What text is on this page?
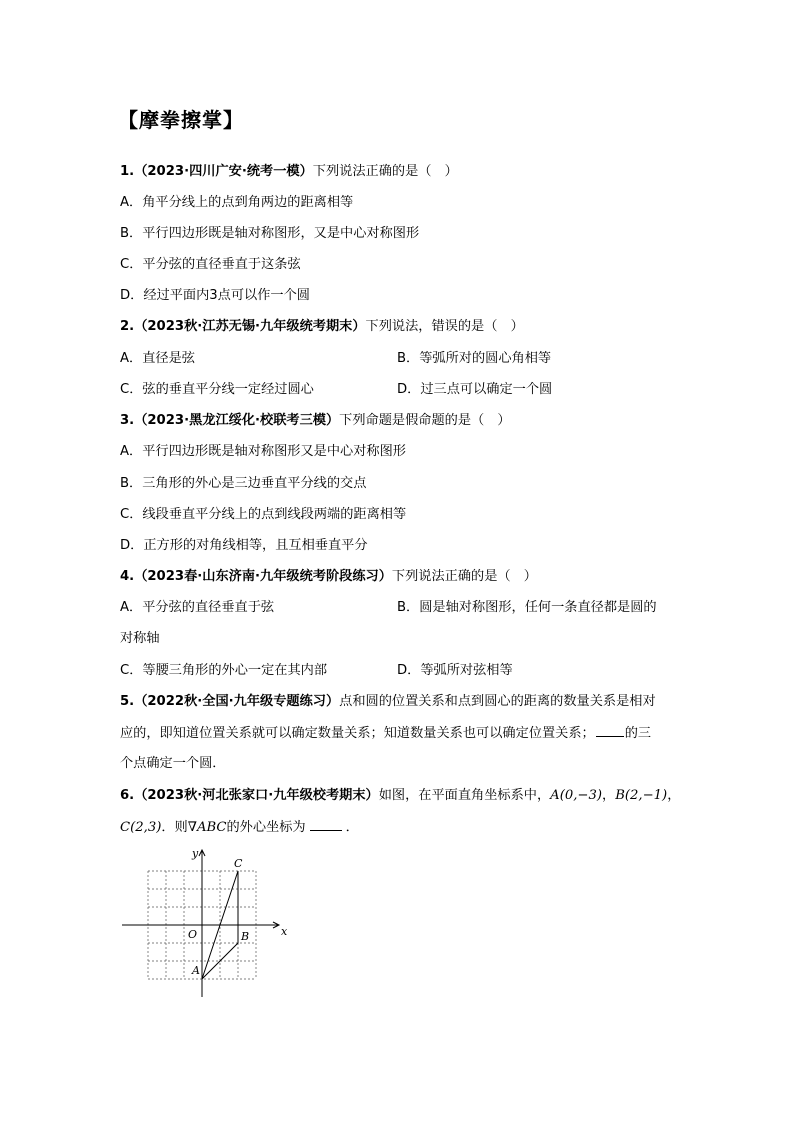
【摩拳擦掌】
1.（2023·四川广安·统考一模）下列说法正确的是（　）
A．角平分线上的点到角两边的距离相等
B．平行四边形既是轴对称图形，又是中心对称图形
C．平分弦的直径垂直于这条弦
D．经过平面内3点可以作一个圆
2.（2023秋·江苏无锡·九年级统考期末）下列说法，错误的是（　）
A．直径是弦	B．等弧所对的圆心角相等
C．弦的垂直平分线一定经过圆心	D．过三点可以确定一个圆
3.（2023·黑龙江绥化·校联考三模）下列命题是假命题的是（　）
A．平行四边形既是轴对称图形又是中心对称图形
B．三角形的外心是三边垂直平分线的交点
C．线段垂直平分线上的点到线段两端的距离相等
D．正方形的对角线相等，且互相垂直平分
4.（2023春·山东济南·九年级统考阶段练习）下列说法正确的是（　）
A．平分弦的直径垂直于弦	B．圆是轴对称图形，任何一条直径都是圆的
对称轴
C．等腰三角形的外心一定在其内部	D．等弧所对弦相等
5.（2022秋·全国·九年级专题练习）点和圆的位置关系和点到圆心的距离的数量关系是相对
应的，即知道位置关系就可以确定数量关系；知道数量关系也可以确定位置关系； 的三
个点确定一个圆．
6.（2023秋·河北张家口·九年级校考期末）如图，在平面直角坐标系中，A(0,−3)，B(2,−1)，
C(2,3)．则∇ABC的外心坐标为	．
x
y
O
A
B
C
